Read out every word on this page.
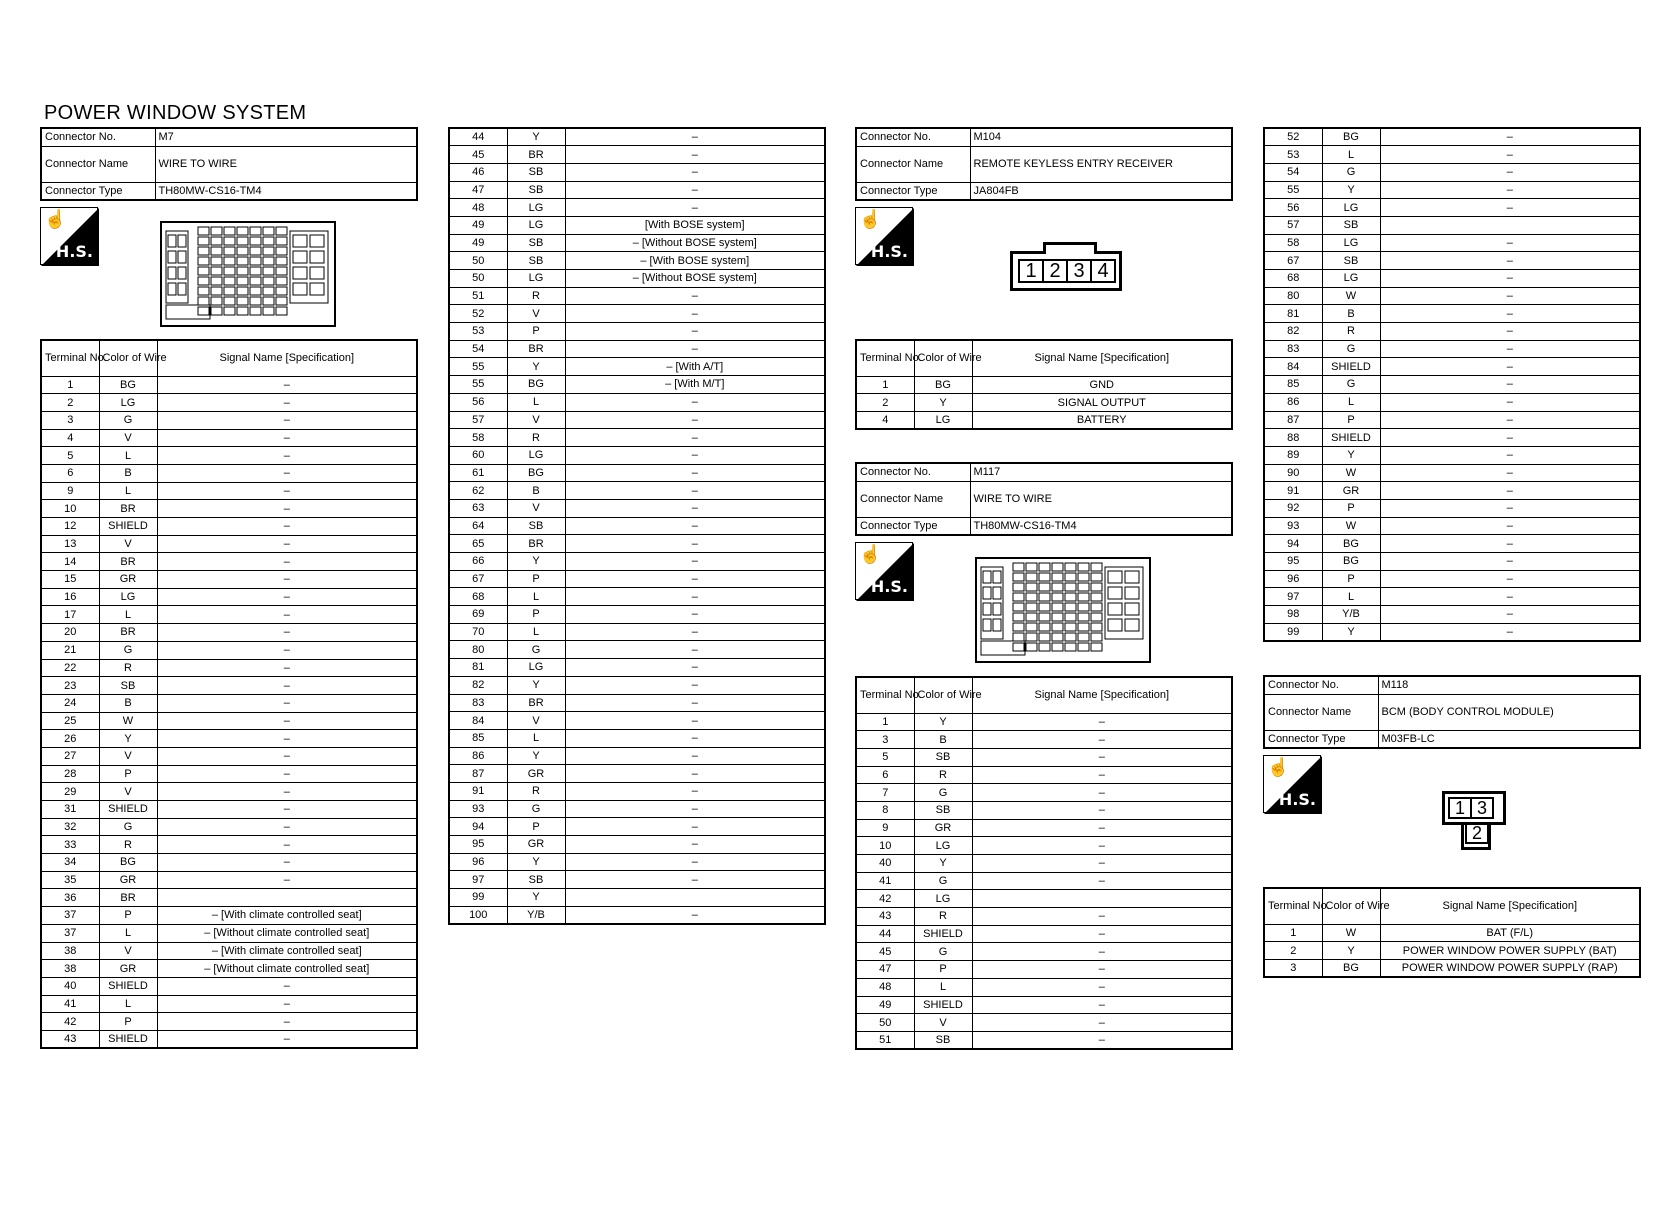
POWER WINDOW SYSTEM
Connector No.	M7
Connector Name	WIRE TO WIRE
Connector Type	TH80MW-CS16-TM4
☝
H.S.
Terminal No.	Color of Wire	Signal Name [Specification]
1	BG	–
2	LG	–
3	G	–
4	V	–
5	L	–
6	B	–
9	L	–
10	BR	–
12	SHIELD	–
13	V	–
14	BR	–
15	GR	–
16	LG	–
17	L	–
20	BR	–
21	G	–
22	R	–
23	SB	–
24	B	–
25	W	–
26	Y	–
27	V	–
28	P	–
29	V	–
31	SHIELD	–
32	G	–
33	R	–
34	BG	–
35	GR	–
36	BR	
37	P	– [With climate controlled seat]
37	L	– [Without climate controlled seat]
38	V	– [With climate controlled seat]
38	GR	– [Without climate controlled seat]
40	SHIELD	–
41	L	–
42	P	–
43	SHIELD	–
44	Y	–
45	BR	–
46	SB	–
47	SB	–
48	LG	–
49	LG	[With BOSE system]
49	SB	– [Without BOSE system]
50	SB	– [With BOSE system]
50	LG	– [Without BOSE system]
51	R	–
52	V	–
53	P	–
54	BR	–
55	Y	– [With A/T]
55	BG	– [With M/T]
56	L	–
57	V	–
58	R	–
60	LG	–
61	BG	–
62	B	–
63	V	–
64	SB	–
65	BR	–
66	Y	–
67	P	–
68	L	–
69	P	–
70	L	–
80	G	–
81	LG	–
82	Y	–
83	BR	–
84	V	–
85	L	–
86	Y	–
87	GR	–
91	R	–
93	G	–
94	P	–
95	GR	–
96	Y	–
97	SB	–
99	Y	
100	Y/B	–
Connector No.	M104
Connector Name	REMOTE KEYLESS ENTRY RECEIVER
Connector Type	JA804FB
☝
H.S.
1 2 3 4
Terminal No.	Color of Wire	Signal Name [Specification]
1	BG	GND
2	Y	SIGNAL OUTPUT
4	LG	BATTERY
Connector No.	M117
Connector Name	WIRE TO WIRE
Connector Type	TH80MW-CS16-TM4
☝
H.S.
Terminal No.	Color of Wire	Signal Name [Specification]
1	Y	–
3	B	–
5	SB	–
6	R	–
7	G	–
8	SB	–
9	GR	–
10	LG	–
40	Y	–
41	G	–
42	LG	
43	R	–
44	SHIELD	–
45	G	–
47	P	–
48	L	–
49	SHIELD	–
50	V	–
51	SB	–
52	BG	–
53	L	–
54	G	–
55	Y	–
56	LG	–
57	SB	
58	LG	–
67	SB	–
68	LG	–
80	W	–
81	B	–
82	R	–
83	G	–
84	SHIELD	–
85	G	–
86	L	–
87	P	–
88	SHIELD	–
89	Y	–
90	W	–
91	GR	–
92	P	–
93	W	–
94	BG	–
95	BG	–
96	P	–
97	L	–
98	Y/B	–
99	Y	–
Connector No.	M118
Connector Name	BCM (BODY CONTROL MODULE)
Connector Type	M03FB-LC
☝
H.S.	1 3
2
Terminal No.	Color of Wire	Signal Name [Specification]
1	W	BAT (F/L)
2	Y	POWER WINDOW POWER SUPPLY (BAT)
3	BG	POWER WINDOW POWER SUPPLY (RAP)
